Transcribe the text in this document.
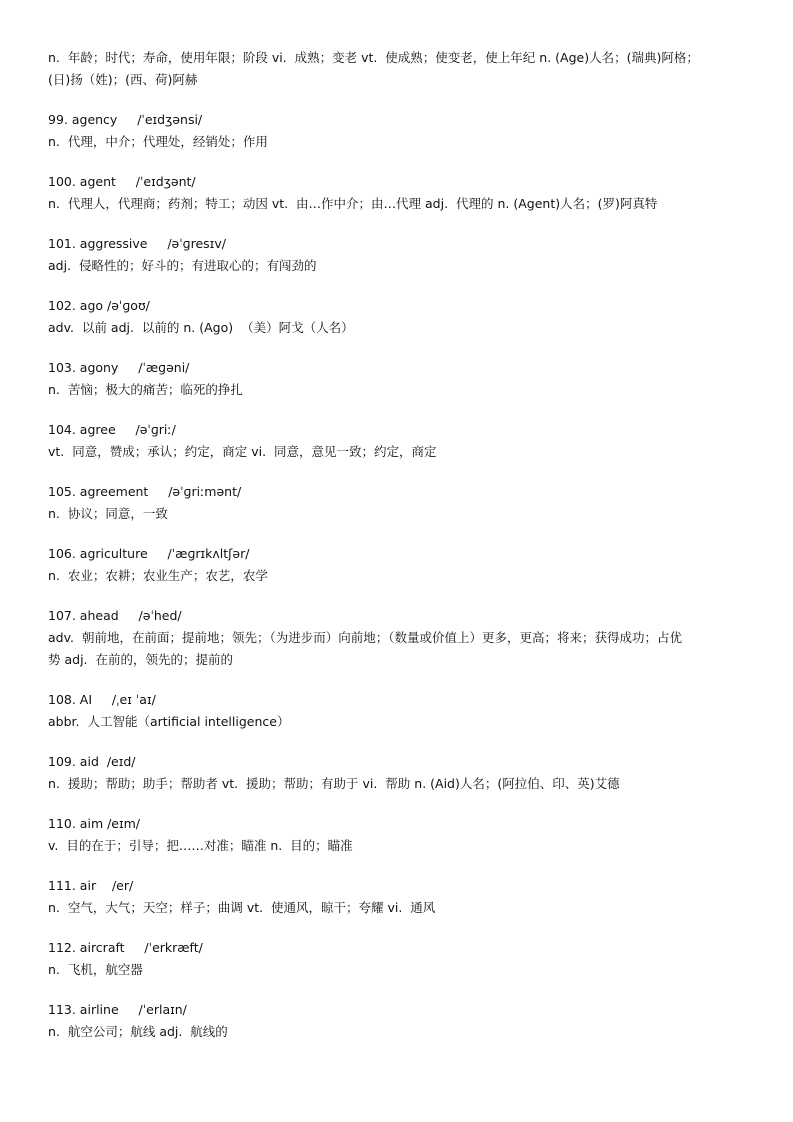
n.  年龄；时代；寿命，使用年限；阶段 vi.  成熟；变老 vt.  使成熟；使变老，使上年纪 n. (Age)人名；(瑞典)阿格；

(日)扬（姓)；(西、荷)阿赫

99. agency     /ˈeɪdʒənsi/

n.  代理，中介；代理处，经销处；作用

100. agent     /ˈeɪdʒənt/

n.  代理人，代理商；药剂；特工；动因 vt.  由…作中介；由…代理 adj.  代理的 n. (Agent)人名；(罗)阿真特

101. aggressive     /əˈɡresɪv/

adj.  侵略性的；好斗的；有进取心的；有闯劲的

102. ago /əˈɡoʊ/

adv.  以前 adj.  以前的 n. (Ago)  （美）阿戈（人名）

103. agony     /ˈæɡəni/

n.  苦恼；极大的痛苦；临死的挣扎

104. agree     /əˈɡriː/

vt.  同意，赞成；承认；约定，商定 vi.  同意，意见一致；约定，商定

105. agreement     /əˈɡriːmənt/

n.  协议；同意，一致

106. agriculture     /ˈæɡrɪkʌltʃər/

n.  农业；农耕；农业生产；农艺，农学

107. ahead     /əˈhed/

adv.  朝前地，在前面；提前地；领先；（为进步而）向前地；（数量或价值上）更多，更高；将来；获得成功；占优

势 adj.  在前的，领先的；提前的

108. AI     /ˌeɪ ˈaɪ/

abbr.  人工智能（artificial intelligence）

109. aid  /eɪd/

n.  援助；帮助；助手；帮助者 vt.  援助；帮助；有助于 vi.  帮助 n. (Aid)人名；(阿拉伯、印、英)艾德

110. aim /eɪm/

v.  目的在于；引导；把……对准；瞄准 n.  目的；瞄准

111. air    /er/

n.  空气，大气；天空；样子；曲调 vt.  使通风，晾干；夸耀 vi.  通风

112. aircraft     /ˈerkræft/

n.  飞机，航空器

113. airline     /ˈerlaɪn/

n.  航空公司；航线 adj.  航线的
